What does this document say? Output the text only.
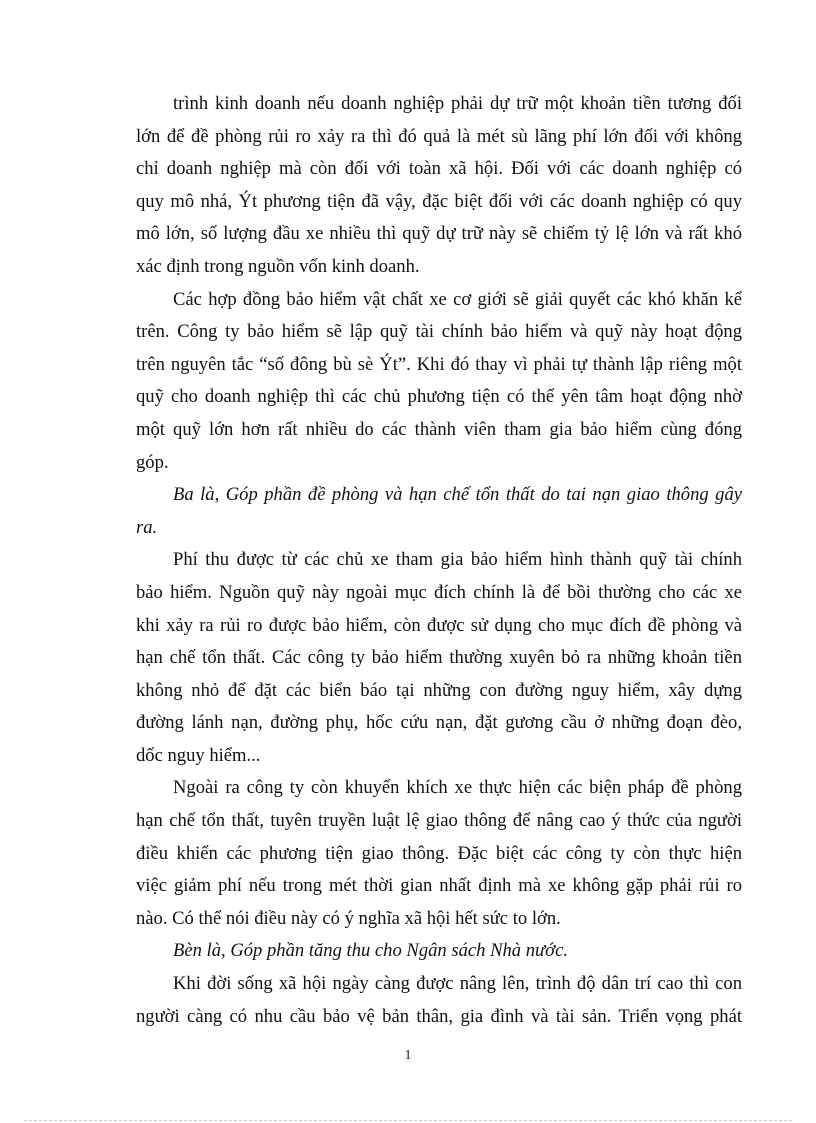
trình kinh doanh nếu doanh nghiệp phải dự trữ một khoản tiền tương đối
lớn để đề phòng rủi ro xảy ra thì đó quả là mét sù lãng phí lớn đối với không
chỉ doanh nghiệp mà còn đối với toàn xã hội. Đối với các doanh nghiệp có
quy mô nhá, Ýt phương tiện đã vậy, đặc biệt đối với các doanh nghiệp có quy
mô lớn, số lượng đầu xe nhiều thì quỹ dự trữ này sẽ chiếm tỷ lệ lớn và rất khó
xác định trong nguồn vốn kinh doanh.
Các hợp đồng bảo hiểm vật chất xe cơ giới sẽ giải quyết các khó khăn kể
trên. Công ty bảo hiểm sẽ lập quỹ tài chính bảo hiểm và quỹ này hoạt động
trên nguyên tắc “số đông bù sè Ýt”. Khi đó thay vì phải tự thành lập riêng một
quỹ cho doanh nghiệp thì các chủ phương tiện có thể yên tâm hoạt động nhờ
một quỹ lớn hơn rất nhiều do các thành viên tham gia bảo hiểm cùng đóng
góp.
Ba là, Góp phần đề phòng và hạn chế tổn thất do tai nạn giao thông gây
ra.
Phí thu được từ các chủ xe tham gia bảo hiểm hình thành quỹ tài chính
bảo hiểm. Nguồn quỹ này ngoài mục đích chính là để bồi thường cho các xe
khi xảy ra rủi ro được bảo hiểm, còn được sử dụng cho mục đích đề phòng và
hạn chế tổn thất. Các công ty bảo hiểm thường xuyên bỏ ra những khoản tiền
không nhỏ để đặt các biển báo tại những con đường nguy hiểm, xây dựng
đường lánh nạn, đường phụ, hốc cứu nạn, đặt gương cầu ở những đoạn đèo,
dốc nguy hiểm...
Ngoài ra công ty còn khuyến khích xe thực hiện các biện pháp đề phòng
hạn chế tổn thất, tuyên truyền luật lệ giao thông để nâng cao ý thức của người
điều khiển các phương tiện giao thông. Đặc biệt các công ty còn thực hiện
việc giảm phí nếu trong mét thời gian nhất định mà xe không gặp phải rủi ro
nào. Có thể nói điều này có ý nghĩa xã hội hết sức to lớn.
Bèn là, Góp phần tăng thu cho Ngân sách Nhà nước.
Khi đời sống xã hội ngày càng được nâng lên, trình độ dân trí cao thì con
người càng có nhu cầu bảo vệ bản thân, gia đình và tài sản. Triển vọng phát
1
